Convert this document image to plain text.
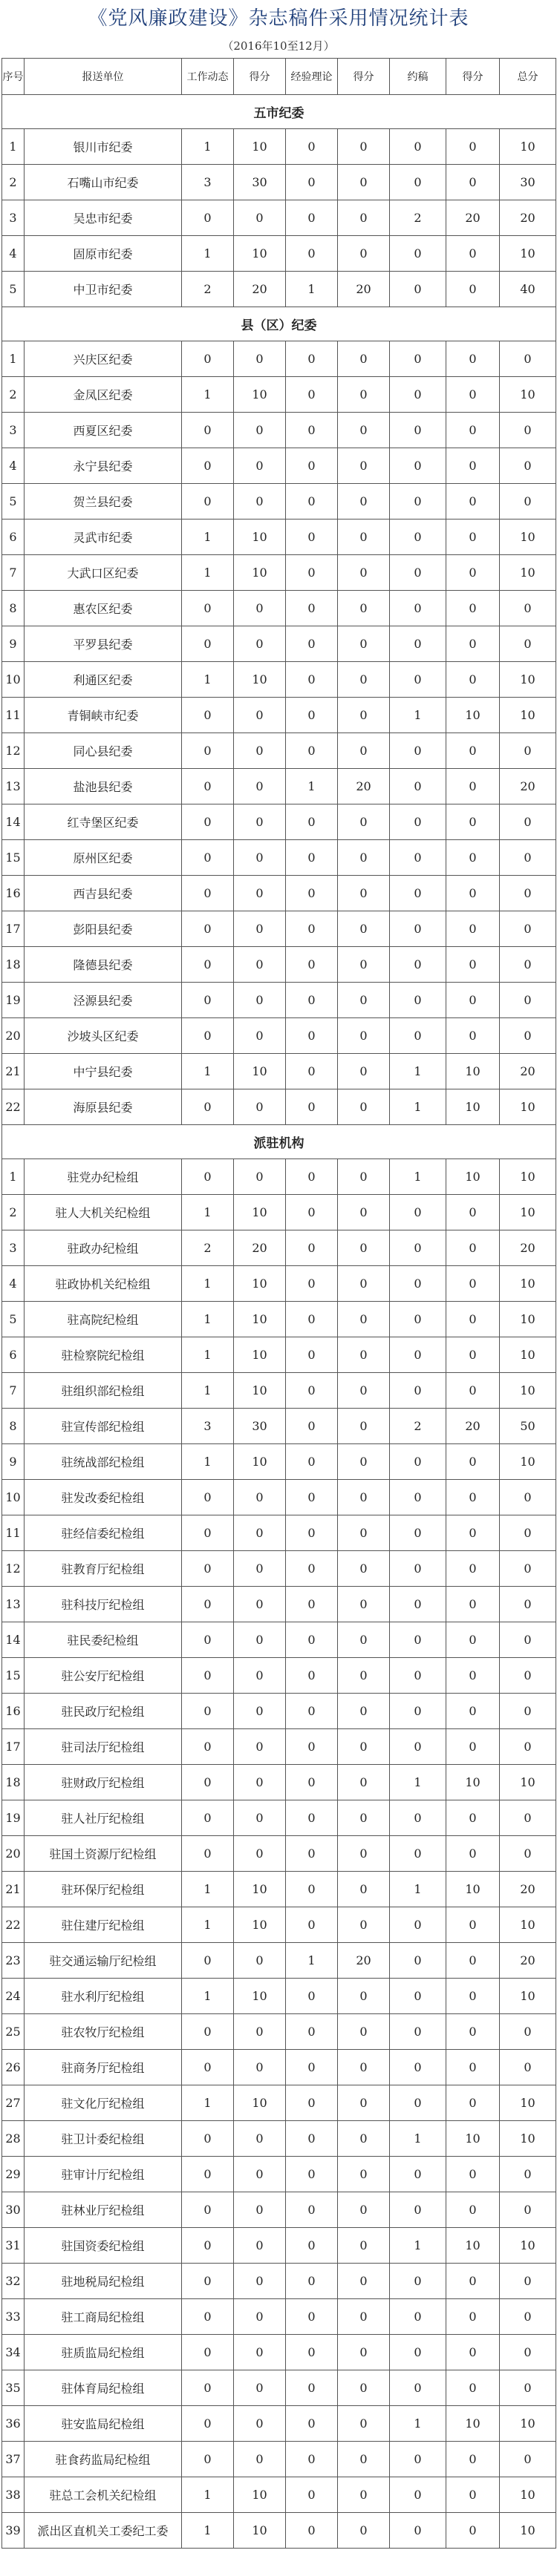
《党风廉政建设》杂志稿件采用情况统计表
（2016年10至12月）
序号	报送单位	工作动态	得分	经验理论	得分	约稿	得分	总分
五市纪委								
1	银川市纪委	1	10	0	0	0	0	10
2	石嘴山市纪委	3	30	0	0	0	0	30
3	吴忠市纪委	0	0	0	0	2	20	20
4	固原市纪委	1	10	0	0	0	0	10
5	中卫市纪委	2	20	1	20	0	0	40
县（区）纪委								
1	兴庆区纪委	0	0	0	0	0	0	0
2	金凤区纪委	1	10	0	0	0	0	10
3	西夏区纪委	0	0	0	0	0	0	0
4	永宁县纪委	0	0	0	0	0	0	0
5	贺兰县纪委	0	0	0	0	0	0	0
6	灵武市纪委	1	10	0	0	0	0	10
7	大武口区纪委	1	10	0	0	0	0	10
8	惠农区纪委	0	0	0	0	0	0	0
9	平罗县纪委	0	0	0	0	0	0	0
10	利通区纪委	1	10	0	0	0	0	10
11	青铜峡市纪委	0	0	0	0	1	10	10
12	同心县纪委	0	0	0	0	0	0	0
13	盐池县纪委	0	0	1	20	0	0	20
14	红寺堡区纪委	0	0	0	0	0	0	0
15	原州区纪委	0	0	0	0	0	0	0
16	西吉县纪委	0	0	0	0	0	0	0
17	彭阳县纪委	0	0	0	0	0	0	0
18	隆德县纪委	0	0	0	0	0	0	0
19	泾源县纪委	0	0	0	0	0	0	0
20	沙坡头区纪委	0	0	0	0	0	0	0
21	中宁县纪委	1	10	0	0	1	10	20
22	海原县纪委	0	0	0	0	1	10	10
派驻机构								
1	驻党办纪检组	0	0	0	0	1	10	10
2	驻人大机关纪检组	1	10	0	0	0	0	10
3	驻政办纪检组	2	20	0	0	0	0	20
4	驻政协机关纪检组	1	10	0	0	0	0	10
5	驻高院纪检组	1	10	0	0	0	0	10
6	驻检察院纪检组	1	10	0	0	0	0	10
7	驻组织部纪检组	1	10	0	0	0	0	10
8	驻宣传部纪检组	3	30	0	0	2	20	50
9	驻统战部纪检组	1	10	0	0	0	0	10
10	驻发改委纪检组	0	0	0	0	0	0	0
11	驻经信委纪检组	0	0	0	0	0	0	0
12	驻教育厅纪检组	0	0	0	0	0	0	0
13	驻科技厅纪检组	0	0	0	0	0	0	0
14	驻民委纪检组	0	0	0	0	0	0	0
15	驻公安厅纪检组	0	0	0	0	0	0	0
16	驻民政厅纪检组	0	0	0	0	0	0	0
17	驻司法厅纪检组	0	0	0	0	0	0	0
18	驻财政厅纪检组	0	0	0	0	1	10	10
19	驻人社厅纪检组	0	0	0	0	0	0	0
20	驻国土资源厅纪检组	0	0	0	0	0	0	0
21	驻环保厅纪检组	1	10	0	0	1	10	20
22	驻住建厅纪检组	1	10	0	0	0	0	10
23	驻交通运输厅纪检组	0	0	1	20	0	0	20
24	驻水利厅纪检组	1	10	0	0	0	0	10
25	驻农牧厅纪检组	0	0	0	0	0	0	0
26	驻商务厅纪检组	0	0	0	0	0	0	0
27	驻文化厅纪检组	1	10	0	0	0	0	10
28	驻卫计委纪检组	0	0	0	0	1	10	10
29	驻审计厅纪检组	0	0	0	0	0	0	0
30	驻林业厅纪检组	0	0	0	0	0	0	0
31	驻国资委纪检组	0	0	0	0	1	10	10
32	驻地税局纪检组	0	0	0	0	0	0	0
33	驻工商局纪检组	0	0	0	0	0	0	0
34	驻质监局纪检组	0	0	0	0	0	0	0
35	驻体育局纪检组	0	0	0	0	0	0	0
36	驻安监局纪检组	0	0	0	0	1	10	10
37	驻食药监局纪检组	0	0	0	0	0	0	0
38	驻总工会机关纪检组	1	10	0	0	0	0	10
39	派出区直机关工委纪工委	1	10	0	0	0	0	10
